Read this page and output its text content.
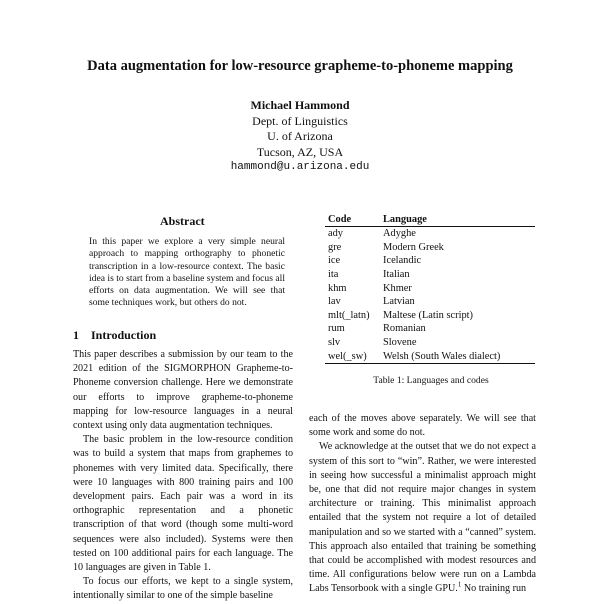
Data augmentation for low-resource grapheme-to-phoneme mapping
Michael Hammond
Dept. of Linguistics
U. of Arizona
Tucson, AZ, USA
hammond@u.arizona.edu
Abstract
In this paper we explore a very simple neural approach to mapping orthography to phonetic transcription in a low-resource context. The basic idea is to start from a baseline system and focus all efforts on data augmentation. We will see that some techniques work, but others do not.
1 Introduction

This paper describes a submission by our team to the 2021 edition of the SIGMORPHON Grapheme-to-Phoneme conversion challenge. Here we demonstrate our efforts to improve grapheme-to-phoneme mapping for low-resource languages in a neural context using only data augmentation techniques.

The basic problem in the low-resource condition was to build a system that maps from graphemes to phonemes with very limited data. Specifically, there were 10 languages with 800 training pairs and 100 development pairs. Each pair was a word in its orthographic representation and a phonetic transcription of that word (though some multi-word sequences were also included). Systems were then tested on 100 additional pairs for each language. The 10 languages are given in Table 1.

To focus our efforts, we kept to a single system, intentionally similar to one of the simple baseline

Code	Language
ady	Adyghe
gre	Modern Greek
ice	Icelandic
ita	Italian
khm	Khmer
lav	Latvian
mlt(_latn)	Maltese (Latin script)
rum	Romanian
slv	Slovene
wel(_sw)	Welsh (South Wales dialect)
Table 1: Languages and codes

each of the moves above separately. We will see that some work and some do not.

We acknowledge at the outset that we do not expect a system of this sort to “win”. Rather, we were interested in seeing how successful a minimalist approach might be, one that did not require major changes in system architecture or training. This minimalist approach entailed that the system not require a lot of detailed manipulation and so we started with a “canned” system. This approach also entailed that training be something that could be accomplished with modest resources and time. All configurations below were run on a Lambda Labs Tensorbook with a single GPU.$^1$ No training run
